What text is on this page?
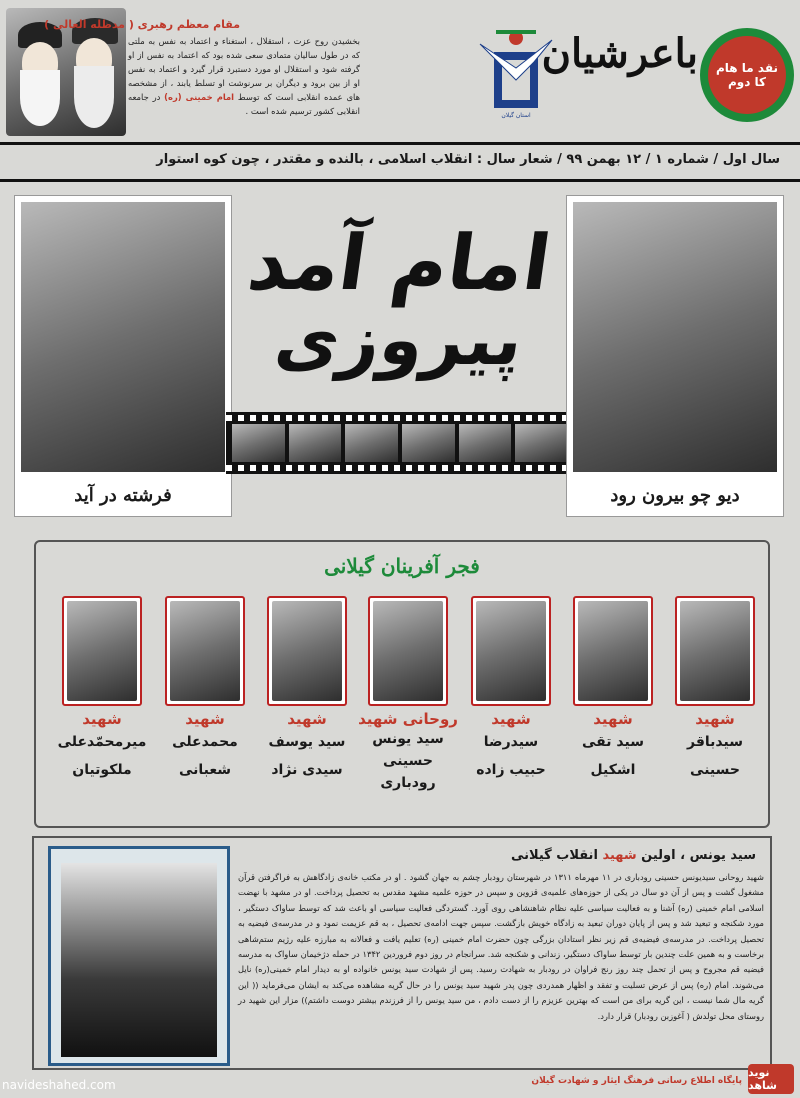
مقام معظم رهبری ( مدظله العالی )
بخشیدن روح عزت ، استقلال ، استغناء و اعتماد به نفس به ملتی که در طول سالیان متمادی سعی شده بود که اعتماد به نفس از او گرفته شود و استقلال او مورد دستبرد قرار گیرد و اعتماد به نفس او از بین برود و دیگران بر سرنوشت او تسلط یابند ، از مشخصه های عمده انقلابی است که توسط امام خمینی (ره) در جامعه انقلابی کشور ترسیم شده است .	استان گیلان
باعرشیان	نقد ما هام کا دوم
سال اول / شماره ۱ / ۱۲ بهمن ۹۹ / شعار سال : انقلاب اسلامی ، بالنده و مقتدر ، چون کوه استوار
فرشته در آید
امام آمد
پیروزی
دیو چو بیرون رود
فجر آفرینان گیلانی
شهید
سیدباقر
حسینی
شهید
سید تقی
اشکیل
شهید
سیدرضا
حبیب زاده
روحانی شهید
سید یونس
حسینی
رودباری
شهید
سید یوسف
سیدی نژاد
شهید
محمدعلی
شعبانی
شهید
میرمحمّدعلی
ملکوتیان
سید یونس ، اولین شهید انقلاب گیلانی
شهید روحانی سیدیونس حسینی رودباری در ۱۱ مهرماه ۱۳۱۱ در شهرستان رودبار چشم به جهان گشود . او در مکتب خانه‌ی زادگاهش به فراگرفتن قرآن مشغول گشت و پس از آن دو سال در یکی از حوزه‌های علمیه‌ی قزوین و سپس در حوزه علمیه مشهد مقدس به تحصیل پرداخت. او در مشهد با نهضت اسلامی امام خمینی (ره) آشنا و به فعالیت سیاسی علیه نظام شاهنشاهی روی آورد. گستردگی فعالیت سیاسی او باعث شد که توسط ساواک دستگیر ، مورد شکنجه و تبعید شد و پس از پایان دوران تبعید به زادگاه خویش بازگشت. سپس جهت ادامه‌ی تحصیل ، به قم عزیمت نمود و در مدرسه‌ی فیضیه به تحصیل پرداخت. در مدرسه‌ی فیضیه‌ی قم زیر نظر استادان بزرگی چون حضرت امام خمینی (ره) تعلیم یافت و فعالانه به مبارزه علیه رژیم ستم‌شاهی برخاست و به همین علت چندین بار توسط ساواک دستگیر، زندانی و شکنجه شد. سرانجام در روز دوم فروردین ۱۳۴۲ در حمله دژخیمان ساواک به مدرسه فیضیه قم مجروح و پس از تحمل چند روز رنج فراوان در رودبار به شهادت رسید. پس از شهادت سید یونس خانواده او به دیدار امام خمینی(ره) نایل می‌شوند. امام (ره) پس از عرض تسلیت و تفقد و اظهار همدردی چون پدر شهید سید یونس را در حال گریه مشاهده می‌کند به ایشان می‌فرماید (( این گریه مال شما نیست ، این گریه برای من است که بهترین عزیزم را از دست دادم ، من سید یونس را از فرزندم بیشتر دوست داشتم)) مزار این شهید در روستای محل تولدش ( آغوزبن رودبار) قرار دارد.
navideshahed.com
نوید شاهد
پایگاه اطلاع رسانی فرهنگ ایثار و شهادت گیلان
